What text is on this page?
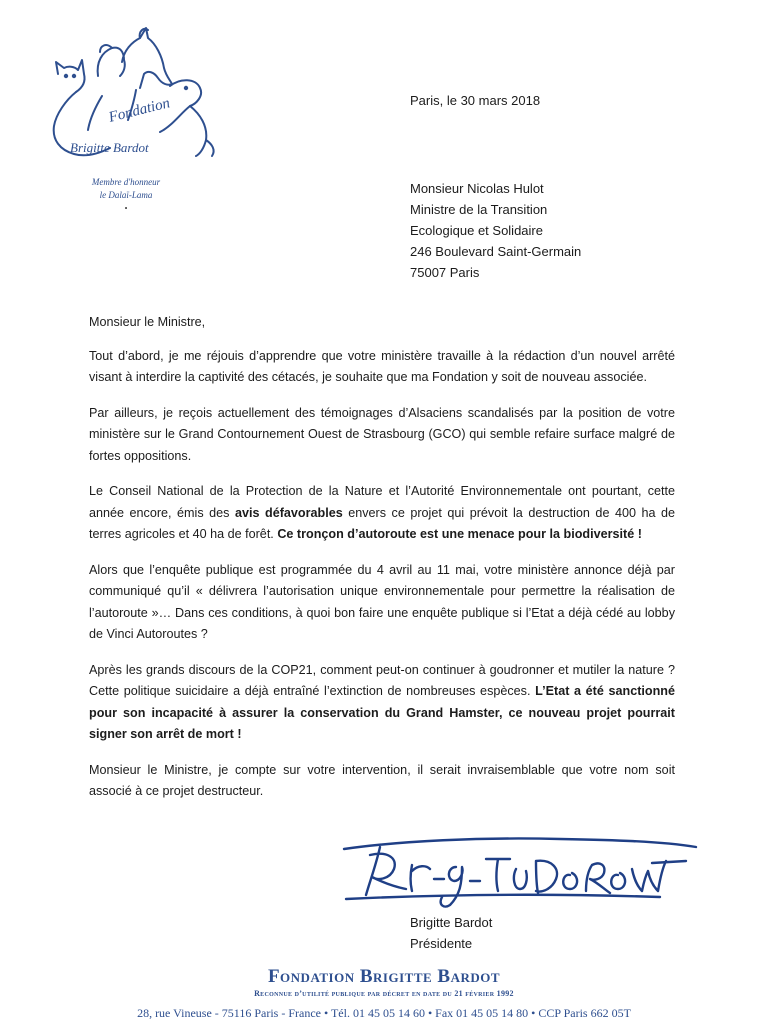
Fondation
Brigitte Bardot
Membre d'honneur
le Dalaï-Lama
•
Paris, le 30 mars 2018
Monsieur Nicolas Hulot
Ministre de la Transition
Ecologique et Solidaire
246 Boulevard Saint-Germain
75007 Paris

Monsieur le Ministre,

Tout d’abord, je me réjouis d’apprendre que votre ministère travaille à la rédaction d’un nouvel arrêté visant à interdire la captivité des cétacés, je souhaite que ma Fondation y soit de nouveau associée.

Par ailleurs, je reçois actuellement des témoignages d’Alsaciens scandalisés par la position de votre ministère sur le Grand Contournement Ouest de Strasbourg (GCO) qui semble refaire surface malgré de fortes oppositions.

Le Conseil National de la Protection de la Nature et l’Autorité Environnementale ont pourtant, cette année encore, émis des avis défavorables envers ce projet qui prévoit la destruction de 400 ha de terres agricoles et 40 ha de forêt. Ce tronçon d’autoroute est une menace pour la biodiversité !

Alors que l’enquête publique est programmée du 4 avril au 11 mai, votre ministère annonce déjà par communiqué qu’il « délivrera l’autorisation unique environnementale pour permettre la réalisation de l’autoroute »… Dans ces conditions, à quoi bon faire une enquête publique si l’Etat a déjà cédé au lobby de Vinci Autoroutes ?

Après les grands discours de la COP21, comment peut-on continuer à goudronner et mutiler la nature ? Cette politique suicidaire a déjà entraîné l’extinction de nombreuses espèces. L’Etat a été sanctionné pour son incapacité à assurer la conservation du Grand Hamster, ce nouveau projet pourrait signer son arrêt de mort !

Monsieur le Ministre, je compte sur votre intervention, il serait invraisemblable que votre nom soit associé à ce projet destructeur.

Brigitte Bardot
Présidente
Fondation Brigitte Bardot
Reconnue d’utilité publique par décret en date du 21 février 1992
28, rue Vineuse - 75116 Paris - France • Tél. 01 45 05 14 60 • Fax 01 45 05 14 80 • CCP Paris 662 05T
